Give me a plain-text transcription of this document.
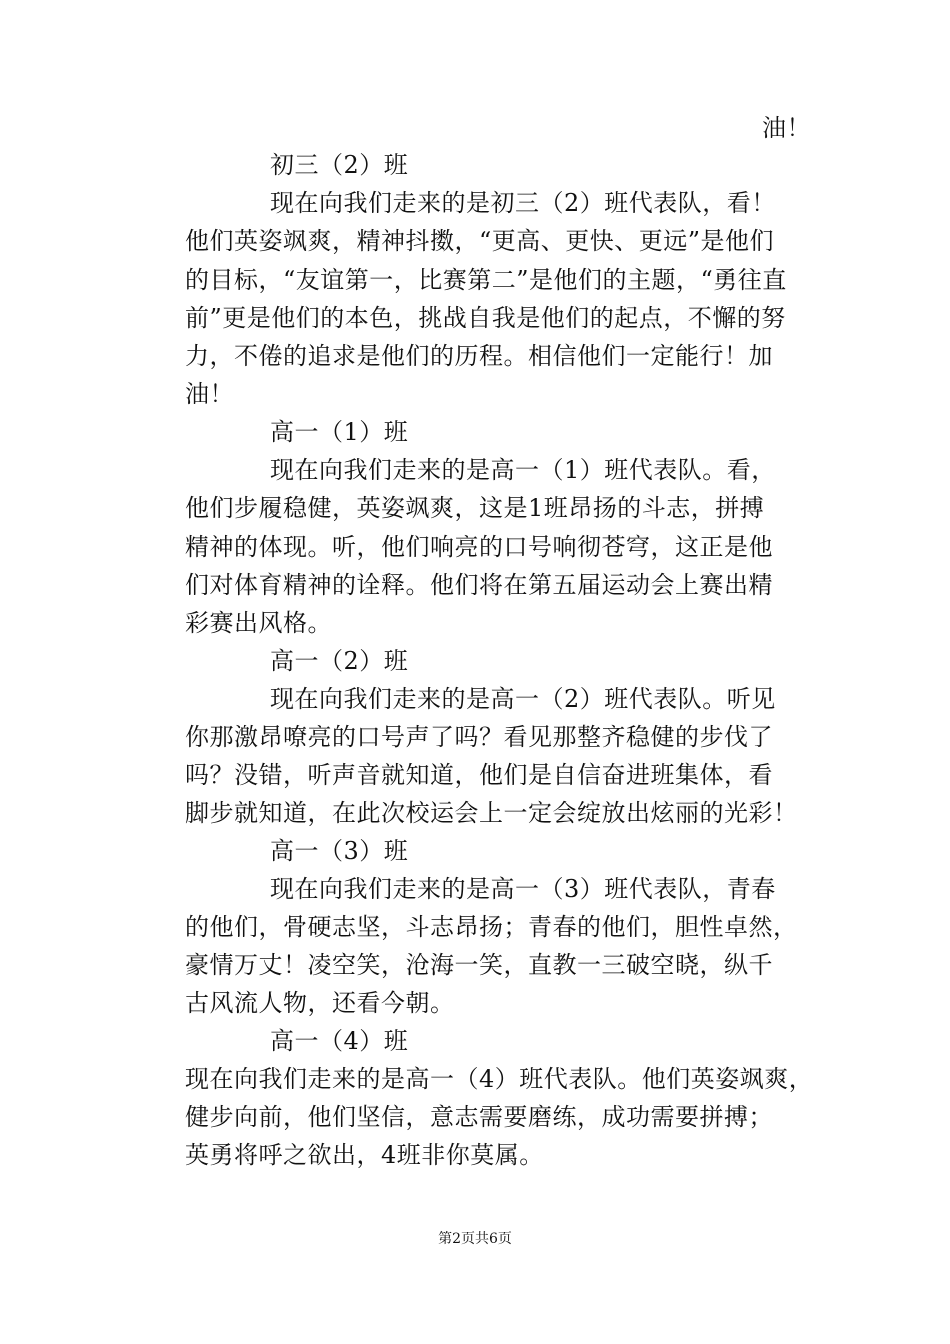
油！
初三（2）班
现在向我们走来的是初三（2）班代表队，看！
他们英姿飒爽，精神抖擞，“更高、更快、更远”是他们
的目标，“友谊第一，比赛第二”是他们的主题，“勇往直
前”更是他们的本色，挑战自我是他们的起点，不懈的努
力，不倦的追求是他们的历程。相信他们一定能行！加
油！
高一（1）班
现在向我们走来的是高一（1）班代表队。看，
他们步履稳健，英姿飒爽，这是1班昂扬的斗志，拼搏
精神的体现。听，他们响亮的口号响彻苍穹，这正是他
们对体育精神的诠释。他们将在第五届运动会上赛出精
彩赛出风格。
高一（2）班
现在向我们走来的是高一（2）班代表队。听见
你那激昂嘹亮的口号声了吗？看见那整齐稳健的步伐了
吗？没错，听声音就知道，他们是自信奋进班集体，看
脚步就知道，在此次校运会上一定会绽放出炫丽的光彩！
高一（3）班
现在向我们走来的是高一（3）班代表队，青春
的他们，骨硬志坚，斗志昂扬；青春的他们，胆性卓然，
豪情万丈！凌空笑，沧海一笑，直教一三破空晓，纵千
古风流人物，还看今朝。
高一（4）班
现在向我们走来的是高一（4）班代表队。他们英姿飒爽，
健步向前，他们坚信，意志需要磨练，成功需要拼搏；
英勇将呼之欲出，4班非你莫属。
第2页共6页
